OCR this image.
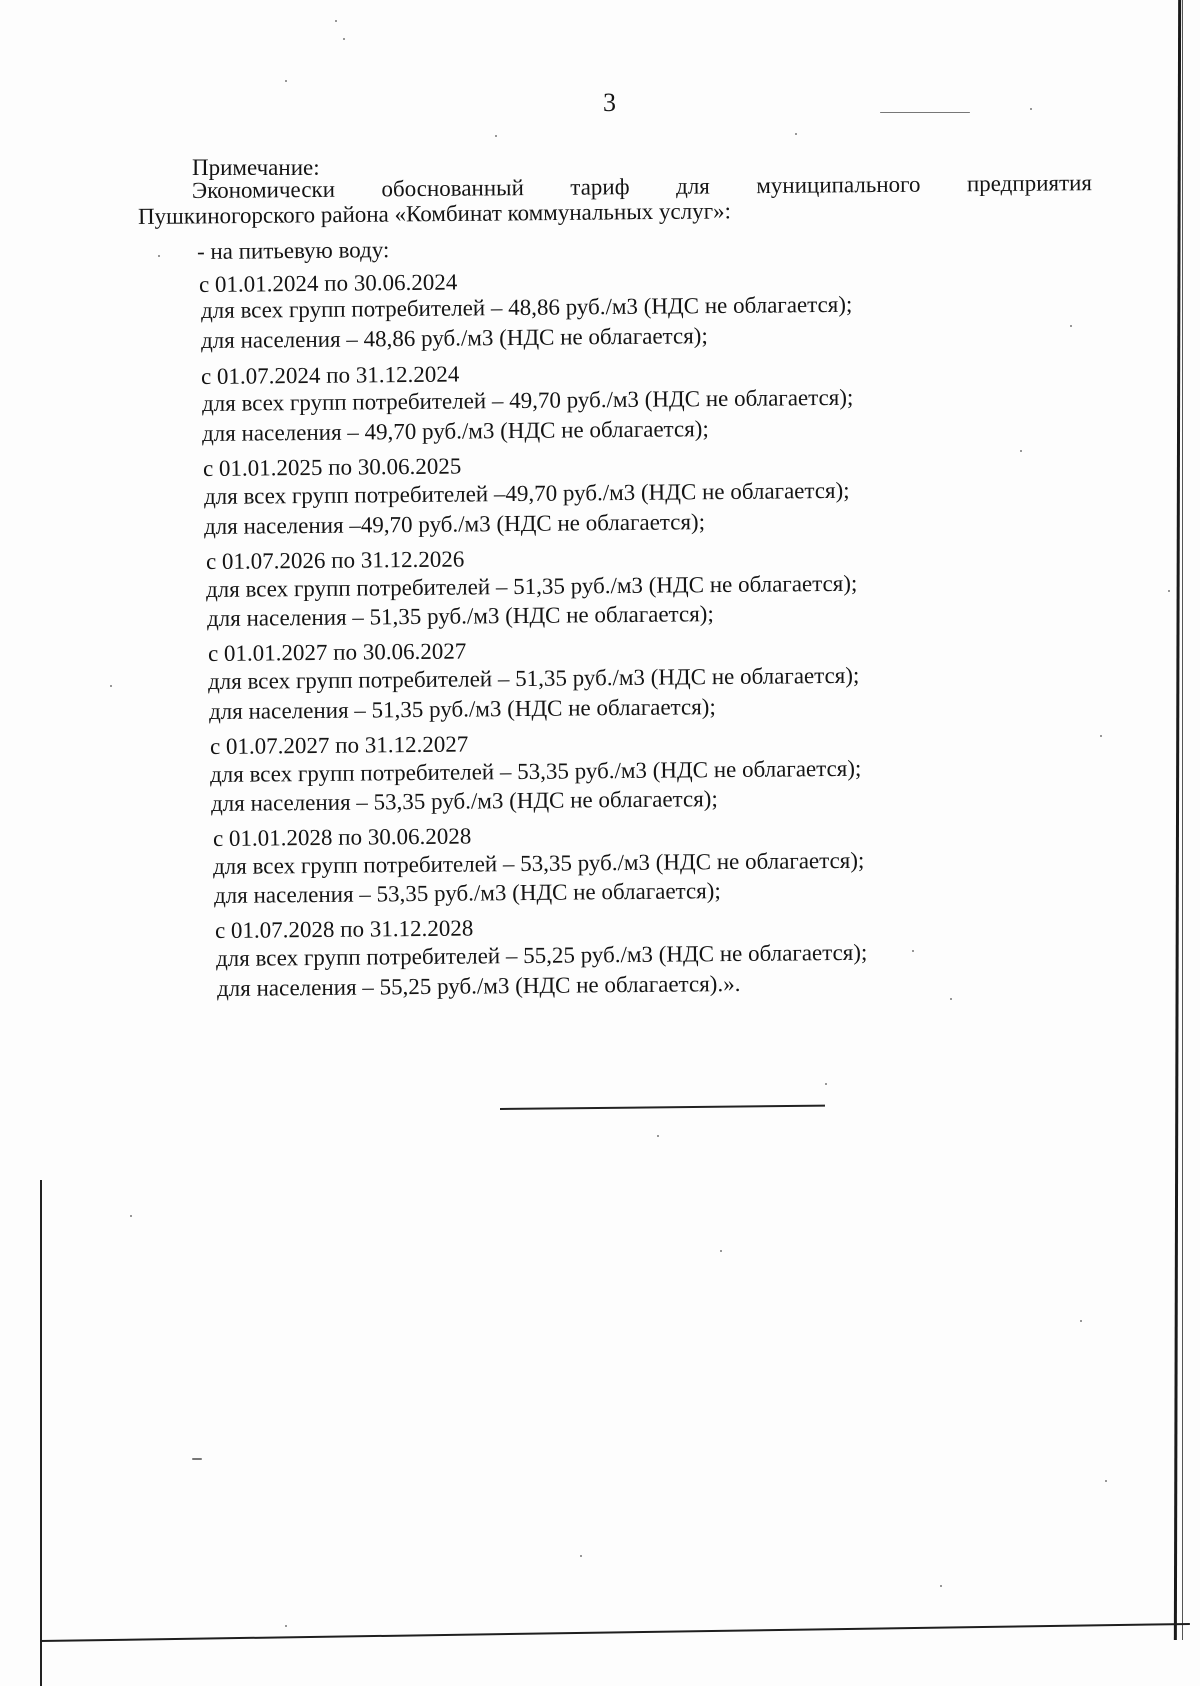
3
Примечание:
Экономически обоснованный тариф для муниципального предприятия
Пушкиногорского района «Комбинат коммунальных услуг»:
- на питьевую воду:
с 01.01.2024 по 30.06.2024
для всех групп потребителей – 48,86 руб./м3 (НДС не облагается);
для населения – 48,86 руб./м3 (НДС не облагается);
с 01.07.2024 по 31.12.2024
для всех групп потребителей – 49,70 руб./м3 (НДС не облагается);
для населения – 49,70 руб./м3 (НДС не облагается);
с 01.01.2025 по 30.06.2025
для всех групп потребителей –49,70 руб./м3 (НДС не облагается);
для населения –49,70 руб./м3 (НДС не облагается);
с 01.07.2026 по 31.12.2026
для всех групп потребителей – 51,35 руб./м3 (НДС не облагается);
для населения – 51,35 руб./м3 (НДС не облагается);
с 01.01.2027 по 30.06.2027
для всех групп потребителей – 51,35 руб./м3 (НДС не облагается);
для населения – 51,35 руб./м3 (НДС не облагается);
с 01.07.2027 по 31.12.2027
для всех групп потребителей – 53,35 руб./м3 (НДС не облагается);
для населения – 53,35 руб./м3 (НДС не облагается);
с 01.01.2028 по 30.06.2028
для всех групп потребителей – 53,35 руб./м3 (НДС не облагается);
для населения – 53,35 руб./м3 (НДС не облагается);
с 01.07.2028 по 31.12.2028
для всех групп потребителей – 55,25 руб./м3 (НДС не облагается);
для населения – 55,25 руб./м3 (НДС не облагается).».
